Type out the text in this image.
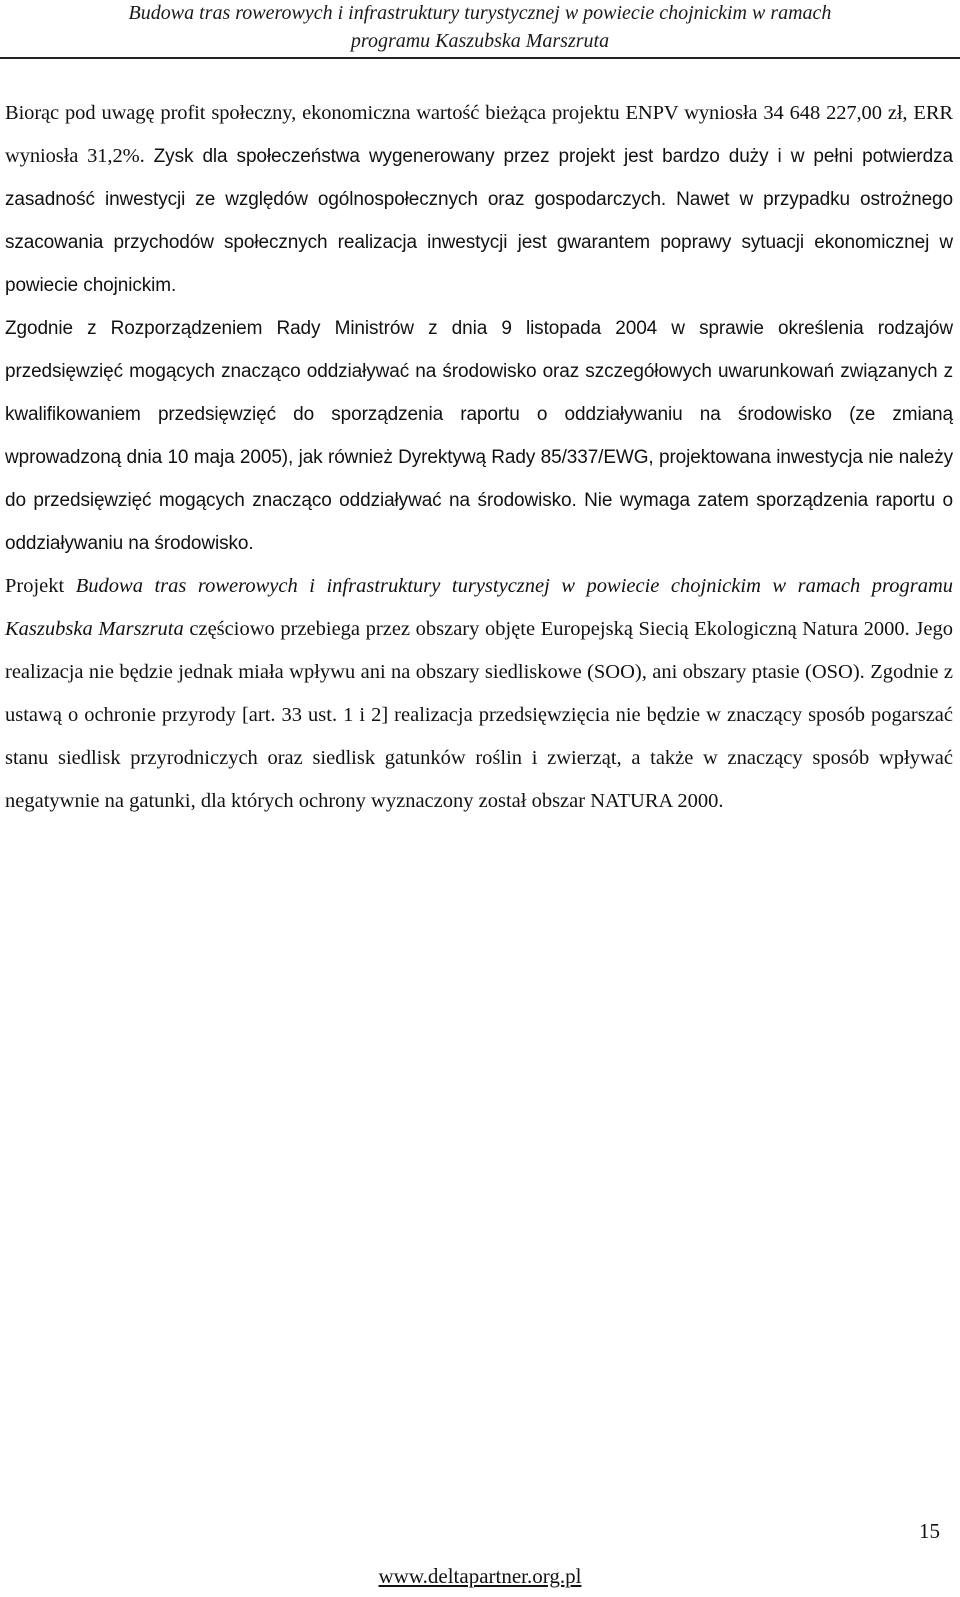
Budowa tras rowerowych i infrastruktury turystycznej w powiecie chojnickim w ramach
programu Kaszubska Marszruta

Biorąc pod uwagę profit społeczny, ekonomiczna wartość bieżąca projektu ENPV wyniosła 34 648 227,00 zł, ERR wyniosła 31,2%. Zysk dla społeczeństwa wygenerowany przez projekt jest bardzo duży i w pełni potwierdza zasadność inwestycji ze względów ogólnospołecznych oraz gospodarczych. Nawet w przypadku ostrożnego szacowania przychodów społecznych realizacja inwestycji jest gwarantem poprawy sytuacji ekonomicznej w powiecie chojnickim.

Zgodnie z Rozporządzeniem Rady Ministrów z dnia 9 listopada 2004 w sprawie określenia rodzajów przedsięwzięć mogących znacząco oddziaływać na środowisko oraz szczegółowych uwarunkowań związanych z kwalifikowaniem przedsięwzięć do sporządzenia raportu o oddziaływaniu na środowisko (ze zmianą wprowadzoną dnia 10 maja 2005), jak również Dyrektywą Rady 85/337/EWG, projektowana inwestycja nie należy do przedsięwzięć mogących znacząco oddziaływać na środowisko. Nie wymaga zatem sporządzenia raportu o oddziaływaniu na środowisko.

Projekt Budowa tras rowerowych i infrastruktury turystycznej w powiecie chojnickim w ramach programu Kaszubska Marszruta częściowo przebiega przez obszary objęte Europejską Siecią Ekologiczną Natura 2000. Jego realizacja nie będzie jednak miała wpływu ani na obszary siedliskowe (SOO), ani obszary ptasie (OSO). Zgodnie z ustawą o ochronie przyrody [art. 33 ust. 1 i 2] realizacja przedsięwzięcia nie będzie w znaczący sposób pogarszać stanu siedlisk przyrodniczych oraz siedlisk gatunków roślin i zwierząt, a także w znaczący sposób wpływać negatywnie na gatunki, dla których ochrony wyznaczony został obszar NATURA 2000.

15
www.deltapartner.org.pl
